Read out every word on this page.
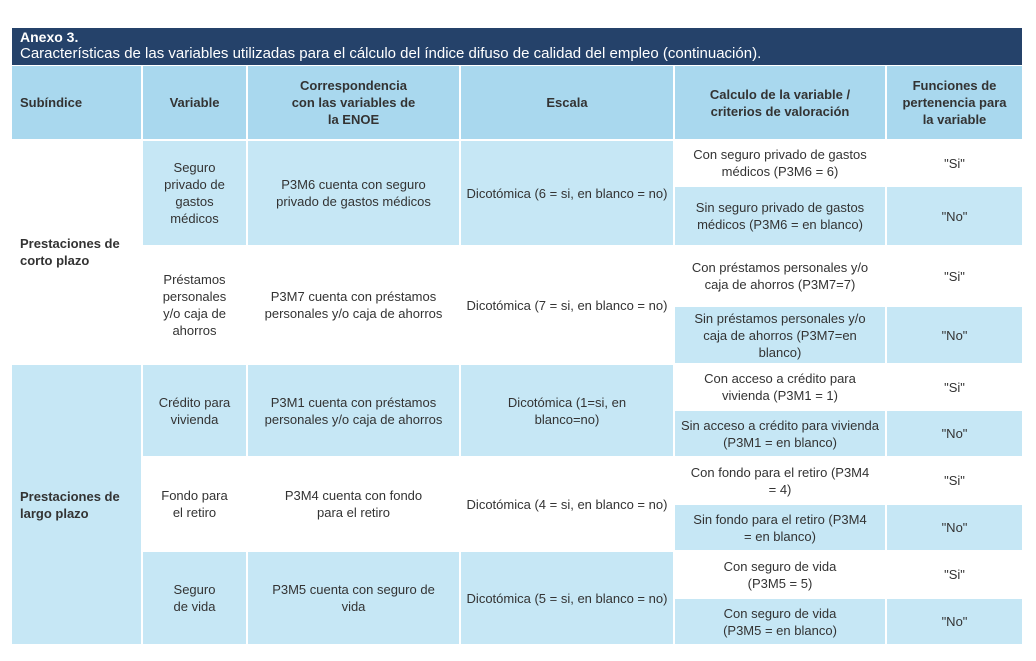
Anexo 3.
Características de las variables utilizadas para el cálculo del índice difuso de calidad del empleo (continuación).
Subíndice	Variable	Correspondencia con las variables de la ENOE	Escala	Calculo de la variable / criterios de valoración	Funciones de pertenencia para la variable
Prestaciones de corto plazo	Seguro privado de gastos médicos	P3M6 cuenta con seguro privado de gastos médicos	Dicotómica (6 = si, en blanco = no)	Con seguro privado de gastos médicos (P3M6 = 6)	"Si"
				Sin seguro privado de gastos médicos (P3M6 = en blanco)	"No"
	Préstamos personales y/o caja de ahorros	P3M7 cuenta con préstamos personales y/o caja de ahorros	Dicotómica (7 = si, en blanco = no)	Con préstamos personales y/o caja de ahorros (P3M7=7)	"Si"
				Sin préstamos personales y/o caja de ahorros (P3M7=en blanco)	"No"
Prestaciones de largo plazo	Crédito para vivienda	P3M1 cuenta con préstamos personales y/o caja de ahorros	Dicotómica (1=si, en blanco=no)	Con acceso a crédito para vivienda (P3M1 = 1)	"Si"
				Sin acceso a crédito para vivienda (P3M1 = en blanco)	"No"
	Fondo para el retiro	P3M4 cuenta con fondo para el retiro	Dicotómica (4 = si, en blanco = no)	Con fondo para el retiro (P3M4 = 4)	"Si"
				Sin fondo para el retiro (P3M4 = en blanco)	"No"
	Seguro de vida	P3M5 cuenta con seguro de vida	Dicotómica (5 = si, en blanco = no)	Con seguro de vida (P3M5 = 5)	"Si"
				Con seguro de vida (P3M5 = en blanco)	"No"
